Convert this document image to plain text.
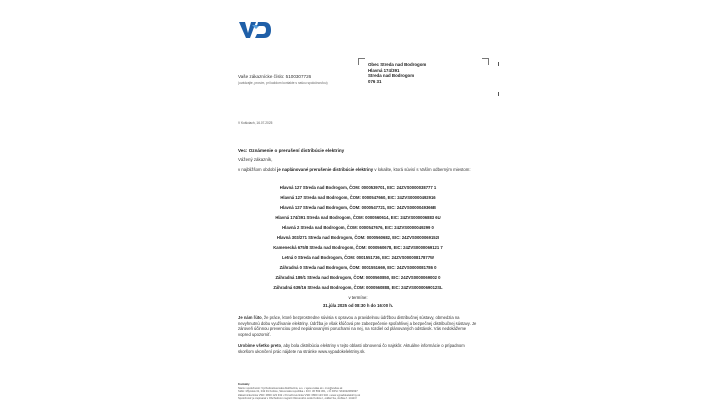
Vaše zákaznícke číslo: 5100307726
(uvádzajte, prosím, pri každom kontakte s našou spoločnosťou)
Obec Streda nad Bodrogom
Hlavná 174/391
Streda nad Bodrogom
076 31
V Košiciach, 16.07.2025
Vec: Oznámenie o prerušení distribúcie elektriny
Vážený zákazník,
v najbližšom období je naplánované prerušenie distribúcie elektriny v lokalite, ktorá súvisí s Vaším odberným miestom:
Hlavná 127 Streda nad Bodrogom, ČOM: 0000539701, EIC: 24ZVS0000038777 1
Hlavná 127 Streda nad Bodrogom, ČOM: 0000547660, EIC: 24ZVS00000492916
Hlavná 127 Streda nad Bodrogom, ČOM: 0000547721, EIC: 24ZVS0000049366B
Hlavná 174/391 Streda nad Bodrogom, ČOM: 0000560614, EIC: 24ZVS000006883 6U
Hlavná 2 Streda nad Bodrogom, ČOM: 0000547676, EIC: 24ZVS0000049299 0
Hlavná 303/271 Streda nad Bodrogom, ČOM: 0000560682, EIC: 24ZVS0000069152I
Kamenecká 675/8 Streda nad Bodrogom, ČOM: 0000560678, EIC: 24ZVS0000069121 7
Letná 0 Streda nad Bodrogom, ČOM: 0001551736, EIC: 24ZVS00000817877W
Záhradná 0 Streda nad Bodrogom, ČOM: 0001551669, EIC: 24ZVS0000081786 0
Záhradná 189/1 Streda nad Bodrogom, ČOM: 0000560850, EIC: 24ZVS0000069002 0
Záhradná 639/16 Streda nad Bodrogom, ČOM: 0000560888, EIC: 24ZVS0000069012SL
v termíne:
31.júla 2025 od 08:30 h do 16:00 h.
Je nám ľúto, že práce, ktoré bezprostredne súvisia s opravou a pravidelnou údržbou distribučnej sústavy, obmedzia na nevyhnutnú dobu využívanie elektriny. Údržba je však kľúčová pre zabezpečenie spoľahlivej a bezpečnej distribučnej sústavy. Je zároveň účinnou prevenciou pred nepiánovanými poruchami na nej, na rozdiel od plánovaných odstávok. Vás nedokážeme vopred upozorniť.
Urobíme všetko preto, aby bola distribúcia elektriny v tejto oblasti obnovená čo najskôr. Aktuálne informácie o prípadnom skoršom ukončení prác nájdete na stránke www.vypadokelektriny.sk.
Kontakty
Názov spoločnosti: Východoslovenská distribučná, a.s. • www.vsdas.sk • zvo@vsdas.sk
Sídlo: Mlynská 31, 042 91 Košice, Slovenská republika • IČO: 36 599 361, • IČ DPH: SK2022082997
Zákaznícka linka VSD: 0800 123 332 • Poruchová linka VSD: 0800 123 332 • www.vypadokelektriny.sk
Spoločnosť je zapísaná v Obchodnom registri Okresného súdu Košice I, oddiel Sa, vložka č. 1411/V
